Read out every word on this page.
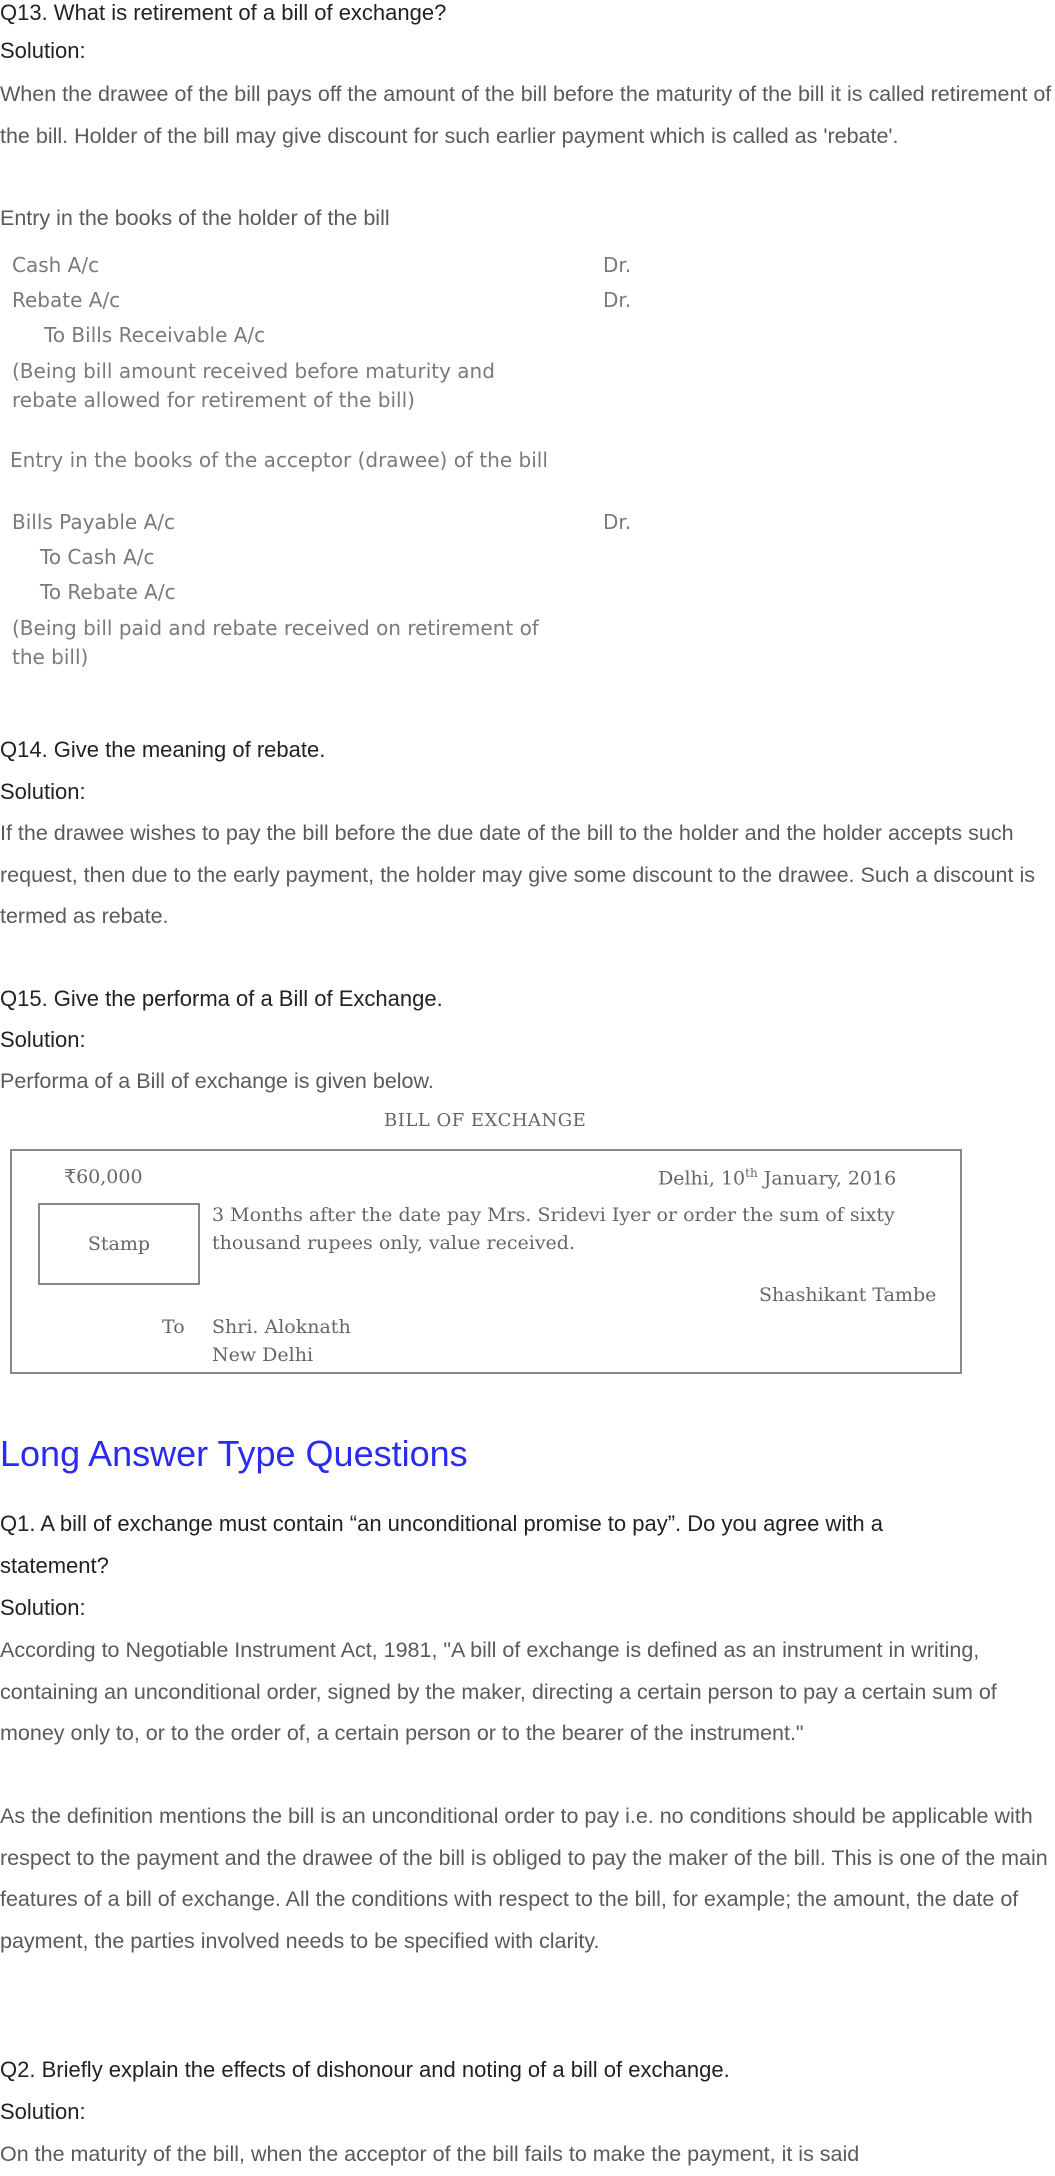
Q13. What is retirement of a bill of exchange?
Solution:
When the drawee of the bill pays off the amount of the bill before the maturity of the bill it is called retirement of the bill. Holder of the bill may give discount for such earlier payment which is called as 'rebate'.
Entry in the books of the holder of the bill
Cash A/c	Dr.
Rebate A/c	Dr.
To Bills Receivable A/c
(Being bill amount received before maturity and
rebate allowed for retirement of the bill)
Entry in the books of the acceptor (drawee) of the bill
Bills Payable A/c	Dr.
To Cash A/c
To Rebate A/c
(Being bill paid and rebate received on retirement of
the bill)
Q14. Give the meaning of rebate.
Solution:
If the drawee wishes to pay the bill before the due date of the bill to the holder and the holder accepts such request, then due to the early payment, the holder may give some discount to the drawee. Such a discount is termed as rebate.
Q15. Give the performa of a Bill of Exchange.
Solution:
Performa of a Bill of exchange is given below.
BILL OF EXCHANGE
₹60,000	Delhi, 10th January, 2016
Stamp
3 Months after the date pay Mrs. Sridevi Iyer or order the sum of sixty
thousand rupees only, value received.
Shashikant Tambe
To Shri. Aloknath
New Delhi
Long Answer Type Questions
Q1. A bill of exchange must contain “an unconditional promise to pay”. Do you agree with a
statement?
Solution:
According to Negotiable Instrument Act, 1981, "A bill of exchange is defined as an instrument in writing, containing an unconditional order, signed by the maker, directing a certain person to pay a certain sum of money only to, or to the order of, a certain person or to the bearer of the instrument."
As the definition mentions the bill is an unconditional order to pay i.e. no conditions should be applicable with respect to the payment and the drawee of the bill is obliged to pay the maker of the bill. This is one of the main features of a bill of exchange. All the conditions with respect to the bill, for example; the amount, the date of payment, the parties involved needs to be specified with clarity.
Q2. Briefly explain the effects of dishonour and noting of a bill of exchange.
Solution:
On the maturity of the bill, when the acceptor of the bill fails to make the payment, it is said
